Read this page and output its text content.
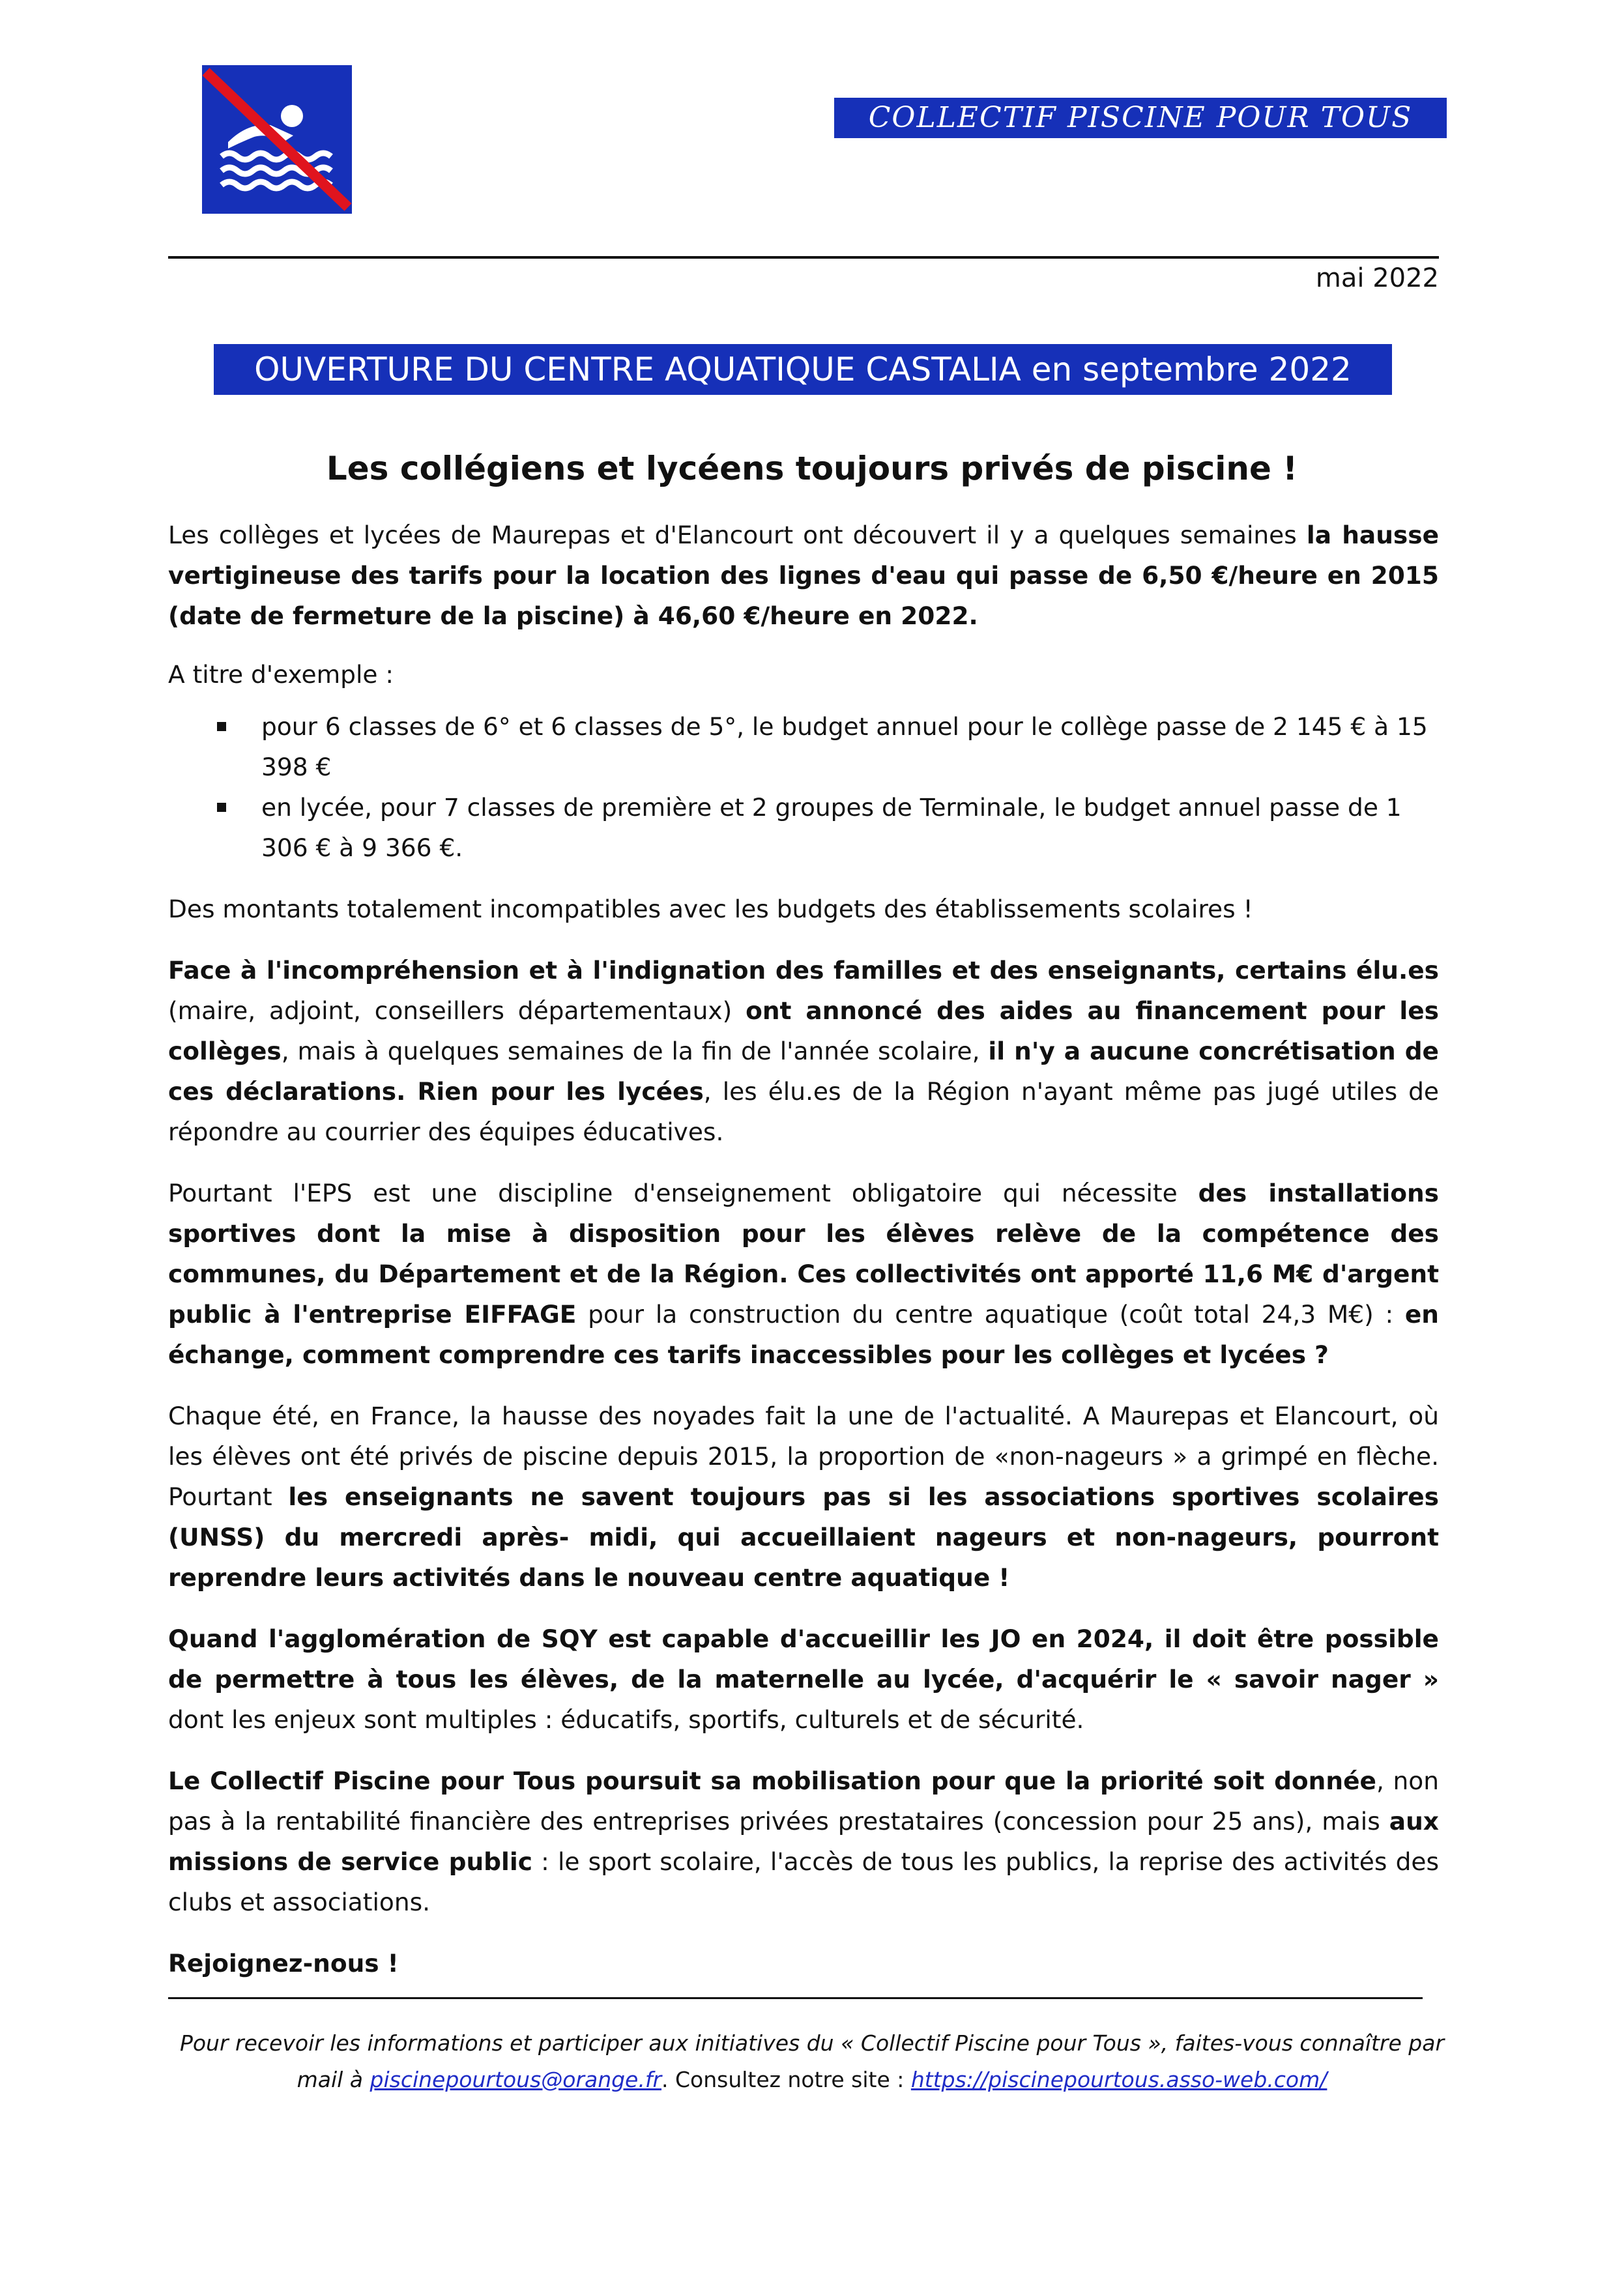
COLLECTIF PISCINE POUR TOUS
mai 2022
OUVERTURE DU CENTRE AQUATIQUE CASTALIA en septembre 2022
Les collégiens et lycéens toujours privés de piscine !

Les collèges et lycées de Maurepas et d'Elancourt ont découvert il y a quelques semaines la hausse vertigineuse des tarifs pour la location des lignes d'eau qui passe de 6,50 €/heure en 2015 (date de fermeture de la piscine) à 46,60 €/heure en 2022.

A titre d'exemple :
pour 6 classes de 6° et 6 classes de 5°, le budget annuel pour le collège passe de 2 145 € à 15 398 €
en lycée, pour 7 classes de première et 2 groupes de Terminale, le budget annuel passe de 1 306 € à 9 366 €.

Des montants totalement incompatibles avec les budgets des établissements scolaires !

Face à l'incompréhension et à l'indignation des familles et des enseignants, certains élu.es (maire, adjoint, conseillers départementaux) ont annoncé des aides au financement pour les collèges, mais à quelques semaines de la fin de l'année scolaire, il n'y a aucune concrétisation de ces déclarations. Rien pour les lycées, les élu.es de la Région n'ayant même pas jugé utiles de répondre au courrier des équipes éducatives.

Pourtant l'EPS est une discipline d'enseignement obligatoire qui nécessite des installations sportives dont la mise à disposition pour les élèves relève de la compétence des communes, du Département et de la Région. Ces collectivités ont apporté 11,6 M€ d'argent public à l'entreprise EIFFAGE pour la construction du centre aquatique (coût total 24,3 M€) : en échange, comment comprendre ces tarifs inaccessibles pour les collèges et lycées ?

Chaque été, en France, la hausse des noyades fait la une de l'actualité. A Maurepas et Elancourt, où les élèves ont été privés de piscine depuis 2015, la proportion de «non-nageurs » a grimpé en flèche. Pourtant les enseignants ne savent toujours pas si les associations sportives scolaires (UNSS) du mercredi après- midi, qui accueillaient nageurs et non-nageurs, pourront reprendre leurs activités dans le nouveau centre aquatique !

Quand l'agglomération de SQY est capable d'accueillir les JO en 2024, il doit être possible de permettre à tous les élèves, de la maternelle au lycée, d'acquérir le « savoir nager » dont les enjeux sont multiples : éducatifs, sportifs, culturels et de sécurité.

Le Collectif Piscine pour Tous poursuit sa mobilisation pour que la priorité soit donnée, non pas à la rentabilité financière des entreprises privées prestataires (concession pour 25 ans), mais aux missions de service public : le sport scolaire, l'accès de tous les publics, la reprise des activités des clubs et associations.

Rejoignez-nous !

Pour recevoir les informations et participer aux initiatives du « Collectif Piscine pour Tous », faites-vous connaître par
mail à piscinepourtous@orange.fr. Consultez notre site : https://piscinepourtous.asso-web.com/
